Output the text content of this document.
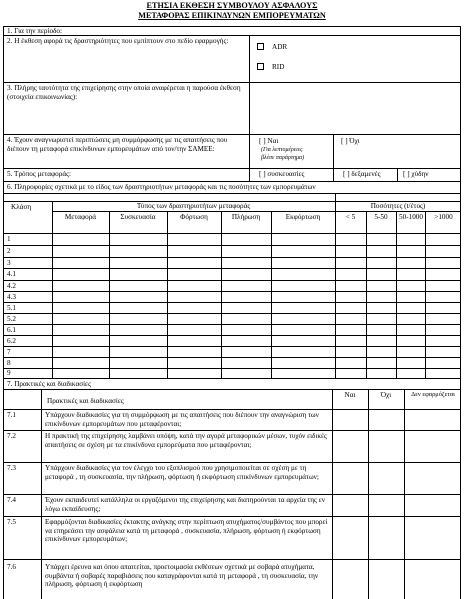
ΕΤΗΣΙΑ ΕΚΘΕΣΗ ΣΥΜΒΟΥΛΟΥ ΑΣΦΑΛΟΥΣ
ΜΕΤΑΦΟΡΑΣ ΕΠΙΚΙΝΔΥΝΩΝ ΕΜΠΟΡΕΥΜΑΤΩΝ
1. Για την περίοδο:
2. Η έκθεση αφορά τις δραστηριότητες που εμπίπτουν στο πεδίο εφαρμογής:
ADR
RID
3. Πλήρης ταυτότητα της επιχείρησης στην οποία αναφέρεται η παρούσα έκθεση (στοιχεία επικοινωνίας):
4. Έχουν αναγνωριστεί περιπτώσεις μη συμμόρφωσης με τις απαιτήσεις που διέπουν τη μεταφορά επικίνδυνων εμπορευμάτων από τον/την ΣΑΜΕΕ:
[ ] Ναι
(Για λεπτομέρειες
βλέπε παράρτημα)
[ ] Όχι
5. Τρόπος μεταφοράς:	[ ] συσκευασίες	[ ] δεξαμενές	[ ] χύδην
6. Πληροφορίες σχετικά με το είδος των δραστηριοτήτων μεταφοράς και τις ποσότητες των εμπορευμάτων
Κλάση	Τύπος των δραστηριοτήτων μεταφοράς	Ποσότητες (t/έτος)
Μεταφορά	Συσκευασία	Φόρτωση	Πλήρωση	Εκφόρτωση	< 5	5-50	50-1000	>1000
1
2
3
4.1
4.2
4.3
5.1
5.2
6.1
6.2
7
8
9
7. Πρακτικές και διαδικασίες
Πρακτικές και διαδικασίες
Ναι	Όχι	Δεν εφαρμόζεται
7.1	Υπάρχουν διαδικασίες για τη συμμόρφωση με τις απαιτήσεις που διέπουν την αναγνώριση των επικίνδυνων εμπορευμάτων που μεταφέρονται;
7.2	Η πρακτική της επιχείρησης λαμβάνει υπόψη, κατά την αγορά μεταφορικών μέσων, τυχόν ειδικές απαιτήσεις σε σχέση με τα επικίνδυνα εμπορεύματα που μεταφέρονται;
7.3	Υπάρχουν διαδικασίες για τον έλεγχο του εξοπλισμού που χρησιμοποιείται σε σχέση με τη μεταφορά , τη συσκευασία, την πλήρωση, φόρτωση ή εκφόρτωση επικίνδυνων εμπορευμάτων;
7.4	Έχουν εκπαιδευτεί κατάλληλα οι εργαζόμενοι της επιχείρησης και διατηρούνται τα αρχεία της εν λόγω εκπαίδευσης;
7.5	Εφαρμόζονται διαδικασίες έκτακτης ανάγκης στην περίπτωση ατυχήματος/συμβάντος που μπορεί να επηρεάσει την ασφάλεια κατά τη μεταφορά , συσκευασία, πλήρωση, φόρτωση ή εκφόρτωση επικίνδυνων εμπορευμάτων;
7.6	Υπάρχει έρευνα και όπου απαιτείται, προετοιμασία εκθέσεων σχετικά με σοβαρά ατυχήματα, συμβάντα ή σοβαρές παραβιάσεις που καταγράφονται κατά τη μεταφορά , τη συσκευασία, την πλήρωση, φόρτωση ή εκφόρτωση
